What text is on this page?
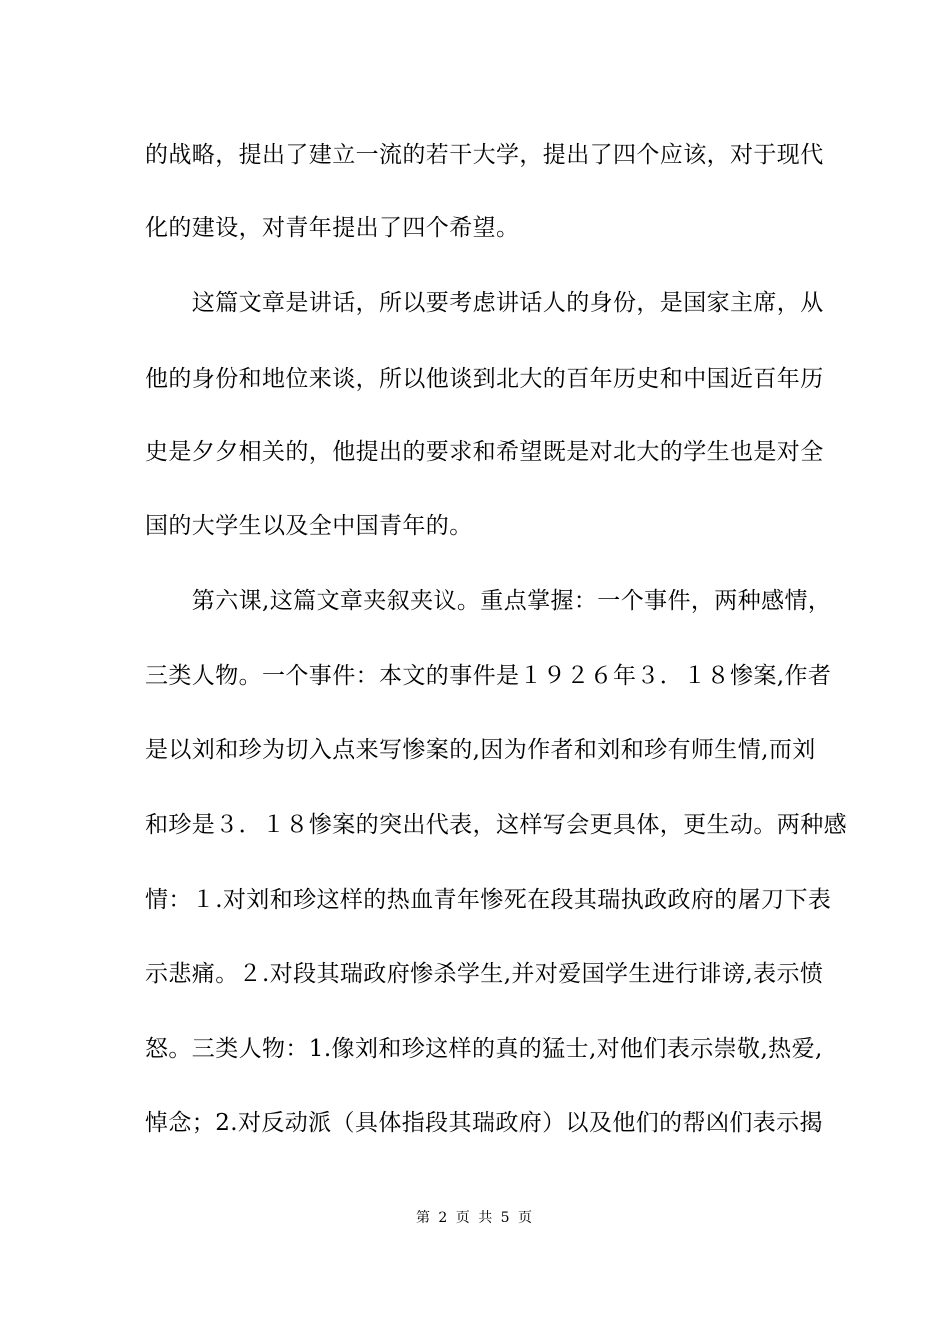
的战略，提出了建立一流的若干大学，提出了四个应该，对于现代
化的建设，对青年提出了四个希望。
　　这篇文章是讲话，所以要考虑讲话人的身份，是国家主席，从
他的身份和地位来谈，所以他谈到北大的百年历史和中国近百年历
史是夕夕相关的，他提出的要求和希望既是对北大的学生也是对全
国的大学生以及全中国青年的。
　　第六课,这篇文章夹叙夹议。重点掌握：一个事件，两种感情，
三类人物。一个事件：本文的事件是１９２６年３．１８惨案,作者
是以刘和珍为切入点来写惨案的,因为作者和刘和珍有师生情,而刘
和珍是３．１８惨案的突出代表，这样写会更具体，更生动。两种感
情：１.对刘和珍这样的热血青年惨死在段其瑞执政政府的屠刀下表
示悲痛。２.对段其瑞政府惨杀学生,并对爱国学生进行诽谤,表示愤
怒。三类人物：1.像刘和珍这样的真的猛士,对他们表示崇敬,热爱,
悼念；2.对反动派（具体指段其瑞政府）以及他们的帮凶们表示揭
第 2 页 共 5 页
